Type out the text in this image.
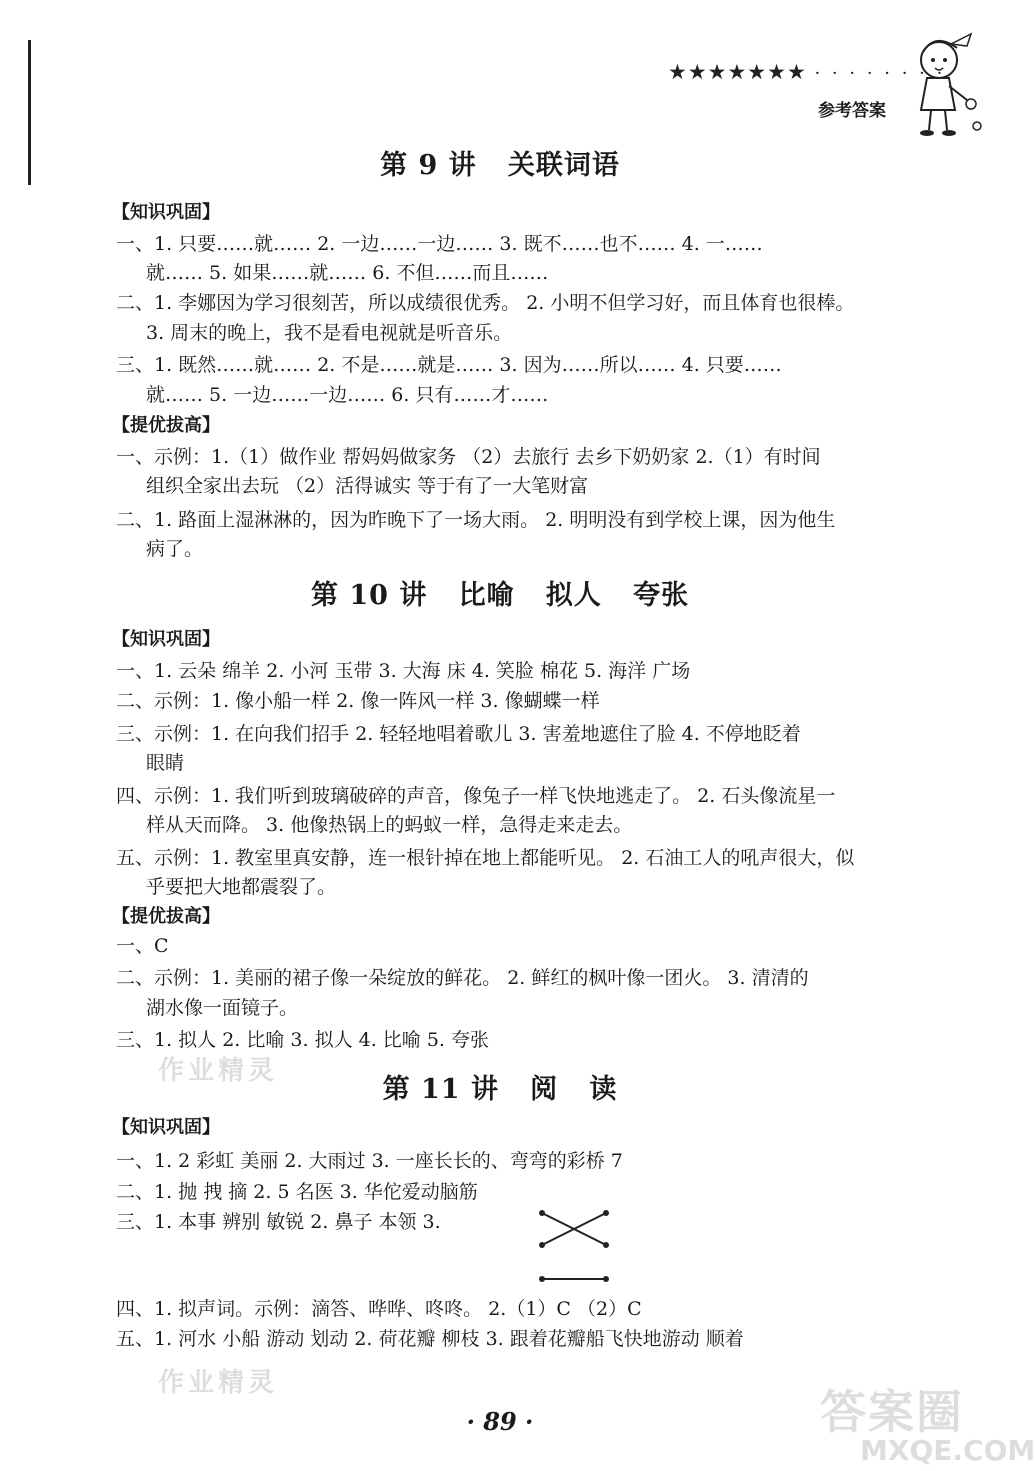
★★★★★★★ · · · · · · · ·
参考答案
第 9 讲   关联词语
【知识巩固】
一、1. 只要……就…… 2. 一边……一边…… 3. 既不……也不…… 4. 一……
就…… 5. 如果……就…… 6. 不但……而且……
二、1. 李娜因为学习很刻苦，所以成绩很优秀。 2. 小明不但学习好，而且体育也很棒。
3. 周末的晚上，我不是看电视就是听音乐。
三、1. 既然……就…… 2. 不是……就是…… 3. 因为……所以…… 4. 只要……
就…… 5. 一边……一边…… 6. 只有……才……
【提优拔高】
一、示例：1.（1）做作业 帮妈妈做家务 （2）去旅行 去乡下奶奶家 2.（1）有时间
组织全家出去玩 （2）活得诚实 等于有了一大笔财富
二、1. 路面上湿淋淋的，因为昨晚下了一场大雨。 2. 明明没有到学校上课，因为他生
病了。
第 10 讲   比喻   拟人   夸张
【知识巩固】
一、1. 云朵 绵羊 2. 小河 玉带 3. 大海 床 4. 笑脸 棉花 5. 海洋 广场
二、示例：1. 像小船一样 2. 像一阵风一样 3. 像蝴蝶一样
三、示例：1. 在向我们招手 2. 轻轻地唱着歌儿 3. 害羞地遮住了脸 4. 不停地眨着
眼睛
四、示例：1. 我们听到玻璃破碎的声音，像兔子一样飞快地逃走了。 2. 石头像流星一
样从天而降。 3. 他像热锅上的蚂蚁一样，急得走来走去。
五、示例：1. 教室里真安静，连一根针掉在地上都能听见。 2. 石油工人的吼声很大，似
乎要把大地都震裂了。
【提优拔高】
一、C
二、示例：1. 美丽的裙子像一朵绽放的鲜花。 2. 鲜红的枫叶像一团火。 3. 清清的
湖水像一面镜子。
三、1. 拟人 2. 比喻 3. 拟人 4. 比喻 5. 夸张
作业精灵
第 11 讲   阅   读
【知识巩固】
一、1. 2 彩虹 美丽 2. 大雨过 3. 一座长长的、弯弯的彩桥 7
二、1. 抛 拽 摘 2. 5 名医 3. 华佗爱动脑筋
三、1. 本事 辨别 敏锐 2. 鼻子 本领 3.
四、1. 拟声词。示例：滴答、哗哗、咚咚。 2.（1）C （2）C
五、1. 河水 小船 游动 划动 2. 荷花瓣 柳枝 3. 跟着花瓣船飞快地游动 顺着
作业精灵
· 89 ·	答案圈
MXQE.COM
